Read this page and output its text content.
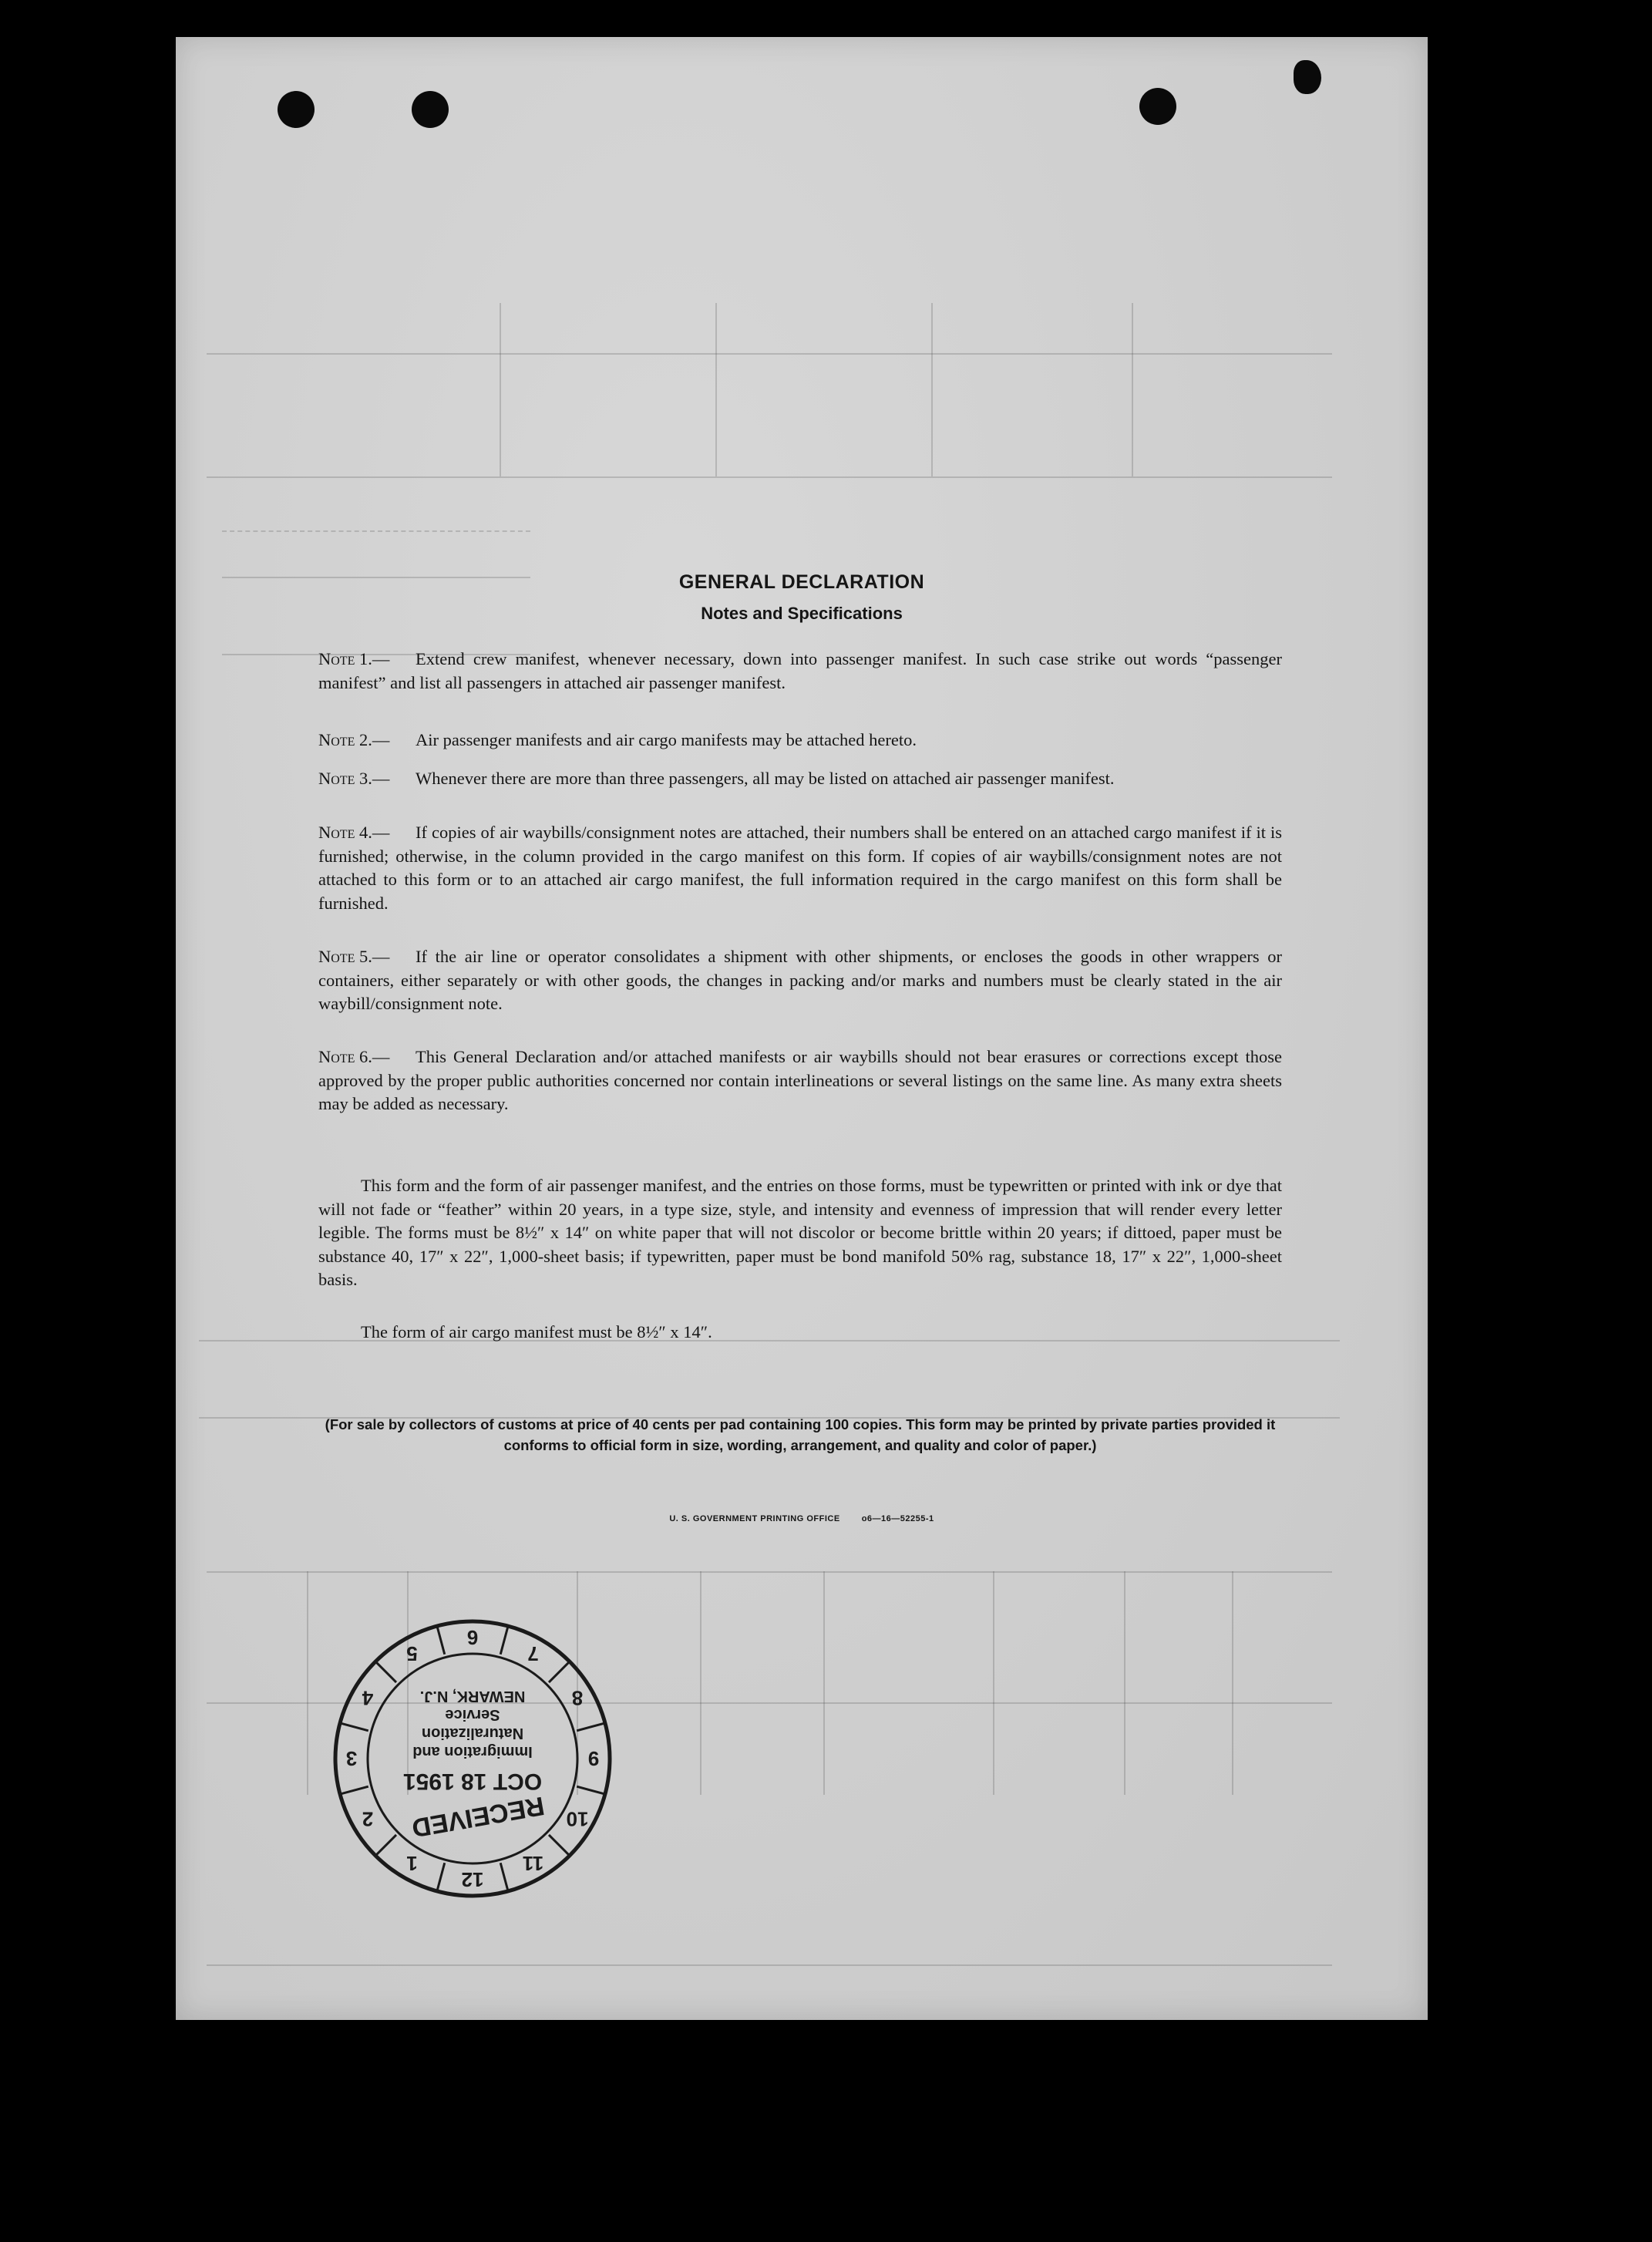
GENERAL DECLARATION
Notes and Specifications
Note 1.— Extend crew manifest, whenever necessary, down into passenger manifest. In such case strike out words “passenger manifest” and list all passengers in attached air passenger manifest.
Note 2.— Air passenger manifests and air cargo manifests may be attached hereto.
Note 3.— Whenever there are more than three passengers, all may be listed on attached air passenger manifest.
Note 4.— If copies of air waybills/consignment notes are attached, their numbers shall be entered on an attached cargo manifest if it is furnished; otherwise, in the column provided in the cargo manifest on this form. If copies of air waybills/consignment notes are not attached to this form or to an attached air cargo manifest, the full information required in the cargo manifest on this form shall be furnished.
Note 5.— If the air line or operator consolidates a shipment with other shipments, or encloses the goods in other wrappers or containers, either separately or with other goods, the changes in packing and/or marks and numbers must be clearly stated in the air waybill/consignment note.
Note 6.— This General Declaration and/or attached manifests or air waybills should not bear erasures or corrections except those approved by the proper public authorities concerned nor contain interlineations or several listings on the same line. As many extra sheets may be added as necessary.
This form and the form of air passenger manifest, and the entries on those forms, must be typewritten or printed with ink or dye that will not fade or “feather” within 20 years, in a type size, style, and intensity and evenness of impression that will render every letter legible. The forms must be 8½″ x 14″ on white paper that will not discolor or become brittle within 20 years; if dittoed, paper must be substance 40, 17″ x 22″, 1,000-sheet basis; if typewritten, paper must be bond manifold 50% rag, substance 18, 17″ x 22″, 1,000-sheet basis.
The form of air cargo manifest must be 8½″ x 14″.
(For sale by collectors of customs at price of 40 cents per pad containing 100 copies. This form may be printed by private parties provided it conforms to official form in size, wording, arrangement, and quality and color of paper.)
U. S. GOVERNMENT PRINTING OFFICE	o6—16—52255-1
1
2
3
4
5
6
7
8
9
10
11
12
RECEIVED
OCT 18 1951
Immigration and
Naturalization
Service
NEWARK, N.J.
